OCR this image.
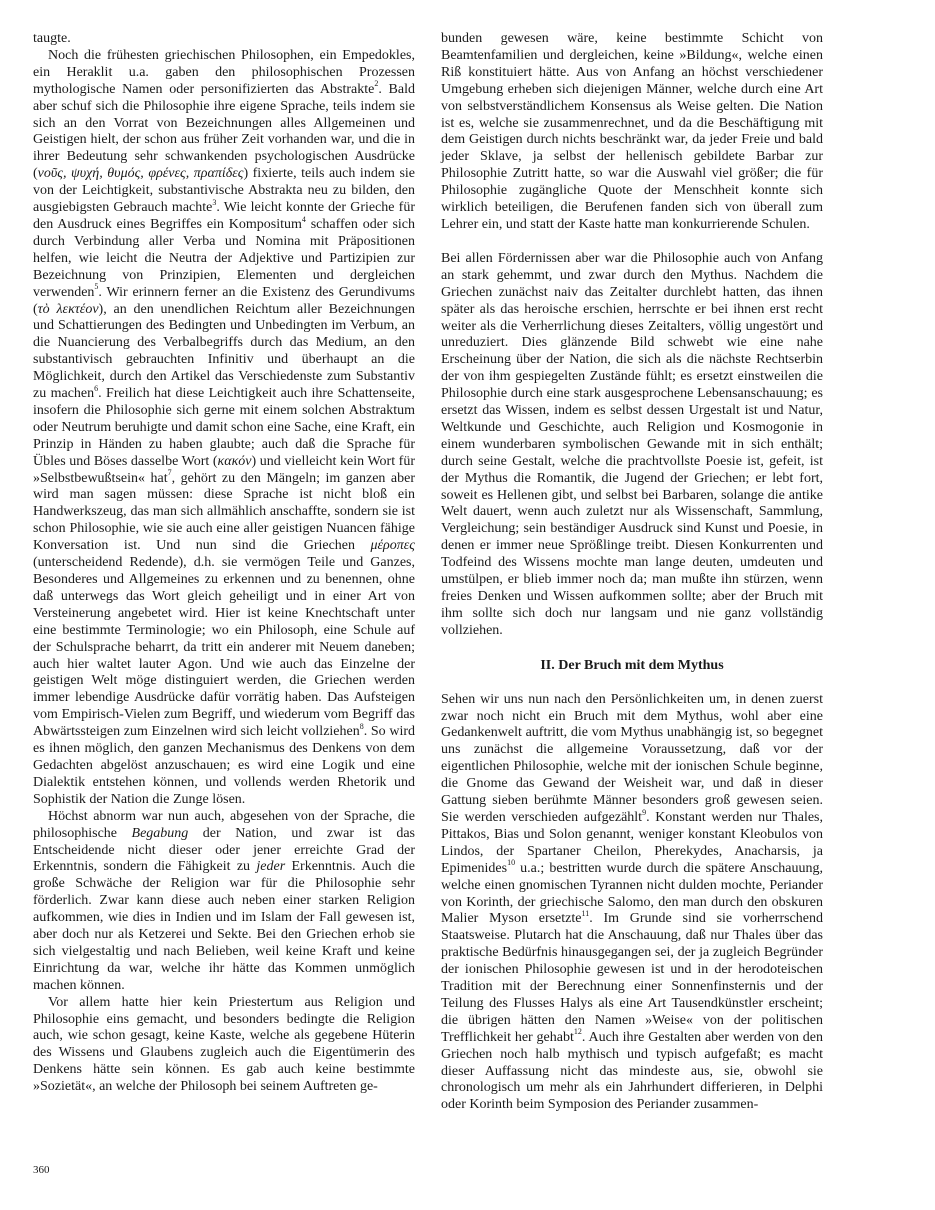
taugte.

Noch die frühesten griechischen Philosophen, ein Empedokles, ein Heraklit u.a. gaben den philosophischen Prozessen mythologische Namen oder personifizierten das Abstrakte$^2$. Bald aber schuf sich die Philosophie ihre eigene Sprache, teils indem sie sich an den Vorrat von Bezeichnungen alles Allgemeinen und Geistigen hielt, der schon aus früher Zeit vorhanden war, und die in ihrer Bedeutung sehr schwankenden psychologischen Ausdrücke (νοῦς, ψυχή, θυμός, φρένες, πραπίδες) fixierte, teils auch indem sie von der Leichtigkeit, substantivische Abstrakta neu zu bilden, den ausgiebigsten Gebrauch machte$^3$. Wie leicht konnte der Grieche für den Ausdruck eines Begriffes ein Kompositum$^4$ schaffen oder sich durch Verbindung aller Verba und Nomina mit Präpositionen helfen, wie leicht die Neutra der Adjektive und Partizipien zur Bezeichnung von Prinzipien, Elementen und dergleichen verwenden$^5$. Wir erinnern ferner an die Existenz des Gerundivums (τὸ λεκτέον), an den unendlichen Reichtum aller Bezeichnungen und Schattierungen des Bedingten und Unbedingten im Verbum, an die Nuancierung des Verbalbegriffs durch das Medium, an den substantivisch gebrauchten Infinitiv und überhaupt an die Möglichkeit, durch den Artikel das Verschiedenste zum Substantiv zu machen$^6$. Freilich hat diese Leichtigkeit auch ihre Schattenseite, insofern die Philosophie sich gerne mit einem solchen Abstraktum oder Neutrum beruhigte und damit schon eine Sache, eine Kraft, ein Prinzip in Händen zu haben glaubte; auch daß die Sprache für Übles und Böses dasselbe Wort (κακόν) und vielleicht kein Wort für »Selbstbewußtsein« hat$^7$, gehört zu den Mängeln; im ganzen aber wird man sagen müssen: diese Sprache ist nicht bloß ein Handwerkszeug, das man sich allmählich anschaffte, sondern sie ist schon Philosophie, wie sie auch eine aller geistigen Nuancen fähige Konversation ist. Und nun sind die Griechen μέροπες (unterscheidend Redende), d.h. sie vermögen Teile und Ganzes, Besonderes und Allgemeines zu erkennen und zu benennen, ohne daß unterwegs das Wort gleich geheiligt und in einer Art von Versteinerung angebetet wird. Hier ist keine Knechtschaft unter eine bestimmte Terminologie; wo ein Philosoph, eine Schule auf der Schulsprache beharrt, da tritt ein anderer mit Neuem daneben; auch hier waltet lauter Agon. Und wie auch das Einzelne der geistigen Welt möge distinguiert werden, die Griechen werden immer lebendige Ausdrücke dafür vorrätig haben. Das Aufsteigen vom Empirisch-Vielen zum Begriff, und wiederum vom Begriff das Abwärtssteigen zum Einzelnen wird sich leicht vollziehen$^8$. So wird es ihnen möglich, den ganzen Mechanismus des Denkens von dem Gedachten abgelöst anzuschauen; es wird eine Logik und eine Dialektik entstehen können, und vollends werden Rhetorik und Sophistik der Nation die Zunge lösen.

Höchst abnorm war nun auch, abgesehen von der Sprache, die philosophische Begabung der Nation, und zwar ist das Entscheidende nicht dieser oder jener erreichte Grad der Erkenntnis, sondern die Fähigkeit zu jeder Erkenntnis. Auch die große Schwäche der Religion war für die Philosophie sehr förderlich. Zwar kann diese auch neben einer starken Religion aufkommen, wie dies in Indien und im Islam der Fall gewesen ist, aber doch nur als Ketzerei und Sekte. Bei den Griechen erhob sie sich vielgestaltig und nach Belieben, weil keine Kraft und keine Einrichtung da war, welche ihr hätte das Kommen unmöglich machen können.

Vor allem hatte hier kein Priestertum aus Religion und Philosophie eins gemacht, und besonders bedingte die Religion auch, wie schon gesagt, keine Kaste, welche als gegebene Hüterin des Wissens und Glaubens zugleich auch die Eigentümerin des Denkens hätte sein können. Es gab auch keine bestimmte »Sozietät«, an welche der Philosoph bei seinem Auftreten ge-

bunden gewesen wäre, keine bestimmte Schicht von Beamtenfamilien und dergleichen, keine »Bildung«, welche einen Riß konstituiert hätte. Aus von Anfang an höchst verschiedener Umgebung erheben sich diejenigen Männer, welche durch eine Art von selbstverständlichem Konsensus als Weise gelten. Die Nation ist es, welche sie zusammenrechnet, und da die Beschäftigung mit dem Geistigen durch nichts beschränkt war, da jeder Freie und bald jeder Sklave, ja selbst der hellenisch gebildete Barbar zur Philosophie Zutritt hatte, so war die Auswahl viel größer; die für Philosophie zugängliche Quote der Menschheit konnte sich wirklich beteiligen, die Berufenen fanden sich von überall zum Lehrer ein, und statt der Kaste hatte man konkurrierende Schulen.

Bei allen Fördernissen aber war die Philosophie auch von Anfang an stark gehemmt, und zwar durch den Mythus. Nachdem die Griechen zunächst naiv das Zeitalter durchlebt hatten, das ihnen später als das heroische erschien, herrschte er bei ihnen erst recht weiter als die Verherrlichung dieses Zeitalters, völlig ungestört und unreduziert. Dies glänzende Bild schwebt wie eine nahe Erscheinung über der Nation, die sich als die nächste Rechtserbin der von ihm gespiegelten Zustände fühlt; es ersetzt einstweilen die Philosophie durch eine stark ausgesprochene Lebensanschauung; es ersetzt das Wissen, indem es selbst dessen Urgestalt ist und Natur, Weltkunde und Geschichte, auch Religion und Kosmogonie in einem wunderbaren symbolischen Gewande mit in sich enthält; durch seine Gestalt, welche die prachtvollste Poesie ist, gefeit, ist der Mythus die Romantik, die Jugend der Griechen; er lebt fort, soweit es Hellenen gibt, und selbst bei Barbaren, solange die antike Welt dauert, wenn auch zuletzt nur als Wissenschaft, Sammlung, Vergleichung; sein beständiger Ausdruck sind Kunst und Poesie, in denen er immer neue Sprößlinge treibt. Diesen Konkurrenten und Todfeind des Wissens mochte man lange deuten, umdeuten und umstülpen, er blieb immer noch da; man mußte ihn stürzen, wenn freies Denken und Wissen aufkommen sollte; aber der Bruch mit ihm sollte sich doch nur langsam und nie ganz vollständig vollziehen.

II. Der Bruch mit dem Mythus

Sehen wir uns nun nach den Persönlichkeiten um, in denen zuerst zwar noch nicht ein Bruch mit dem Mythus, wohl aber eine Gedankenwelt auftritt, die vom Mythus unabhängig ist, so begegnet uns zunächst die allgemeine Voraussetzung, daß vor der eigentlichen Philosophie, welche mit der ionischen Schule beginne, die Gnome das Gewand der Weisheit war, und daß in dieser Gattung sieben berühmte Männer besonders groß gewesen seien. Sie werden verschieden aufgezählt$^9$. Konstant werden nur Thales, Pittakos, Bias und Solon genannt, weniger konstant Kleobulos von Lindos, der Spartaner Cheilon, Pherekydes, Anacharsis, ja Epimenides$^{10}$ u.a.; bestritten wurde durch die spätere Anschauung, welche einen gnomischen Tyrannen nicht dulden mochte, Periander von Korinth, der griechische Salomo, den man durch den obskuren Malier Myson ersetzte$^{11}$. Im Grunde sind sie vorherrschend Staatsweise. Plutarch hat die Anschauung, daß nur Thales über das praktische Bedürfnis hinausgegangen sei, der ja zugleich Begründer der ionischen Philosophie gewesen ist und in der herodoteischen Tradition mit der Berechnung einer Sonnenfinsternis und der Teilung des Flusses Halys als eine Art Tausendkünstler erscheint; die übrigen hätten den Namen »Weise« von der politischen Trefflichkeit her gehabt$^{12}$. Auch ihre Gestalten aber werden von den Griechen noch halb mythisch und typisch aufgefaßt; es macht dieser Auffassung nicht das mindeste aus, sie, obwohl sie chronologisch um mehr als ein Jahrhundert differieren, in Delphi oder Korinth beim Symposion des Periander zusammen-

360
